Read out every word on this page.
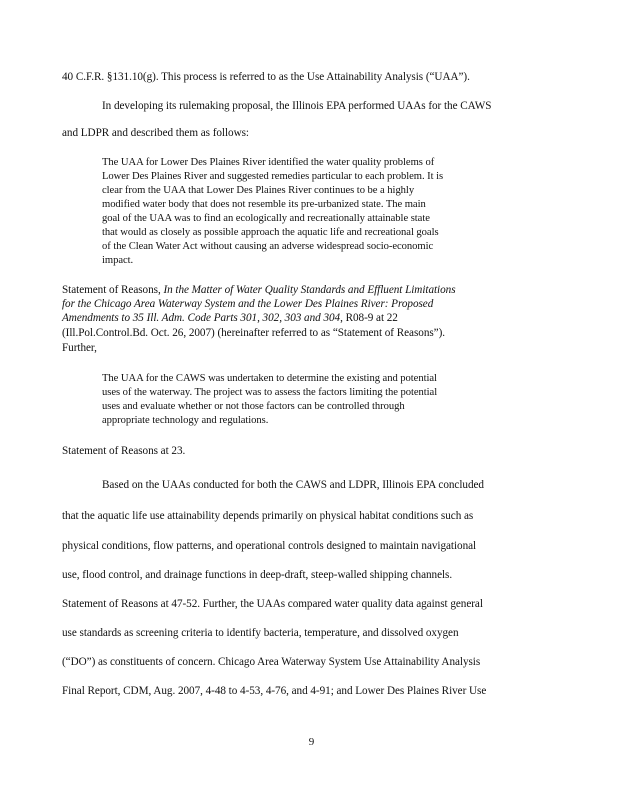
40 C.F.R. §131.10(g). This process is referred to as the Use Attainability Analysis (“UAA”).
In developing its rulemaking proposal, the Illinois EPA performed UAAs for the CAWS
and LDPR and described them as follows:
The UAA for Lower Des Plaines River identified the water quality problems of
Lower Des Plaines River and suggested remedies particular to each problem. It is
clear from the UAA that Lower Des Plaines River continues to be a highly
modified water body that does not resemble its pre-urbanized state. The main
goal of the UAA was to find an ecologically and recreationally attainable state
that would as closely as possible approach the aquatic life and recreational goals
of the Clean Water Act without causing an adverse widespread socio-economic
impact.
Statement of Reasons, In the Matter of Water Quality Standards and Effluent Limitations
for the Chicago Area Waterway System and the Lower Des Plaines River: Proposed
Amendments to 35 Ill. Adm. Code Parts 301, 302, 303 and 304, R08-9 at 22
(Ill.Pol.Control.Bd. Oct. 26, 2007) (hereinafter referred to as “Statement of Reasons”).
Further,
The UAA for the CAWS was undertaken to determine the existing and potential
uses of the waterway. The project was to assess the factors limiting the potential
uses and evaluate whether or not those factors can be controlled through
appropriate technology and regulations.
Statement of Reasons at 23.
Based on the UAAs conducted for both the CAWS and LDPR, Illinois EPA concluded
that the aquatic life use attainability depends primarily on physical habitat conditions such as
physical conditions, flow patterns, and operational controls designed to maintain navigational
use, flood control, and drainage functions in deep-draft, steep-walled shipping channels.
Statement of Reasons at 47-52. Further, the UAAs compared water quality data against general
use standards as screening criteria to identify bacteria, temperature, and dissolved oxygen
(“DO”) as constituents of concern. Chicago Area Waterway System Use Attainability Analysis
Final Report, CDM, Aug. 2007, 4-48 to 4-53, 4-76, and 4-91; and Lower Des Plaines River Use
9
